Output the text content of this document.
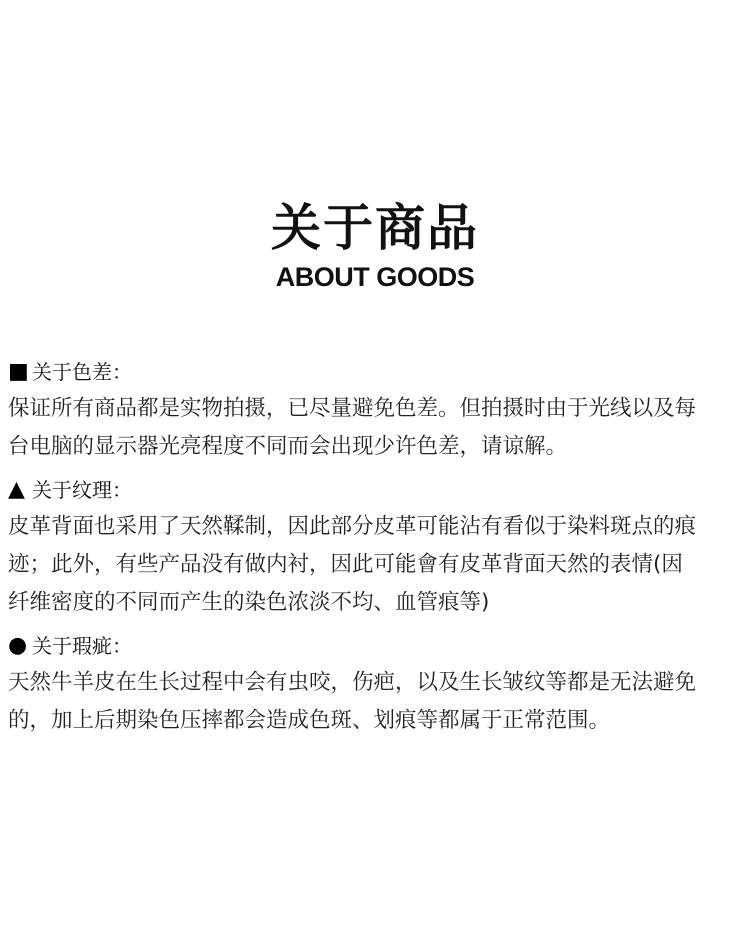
关于商品
ABOUT GOODS
■ 关于色差：
保证所有商品都是实物拍摄，已尽量避免色差。但拍摄时由于光线以及每
台电脑的显示器光亮程度不同而会出现少许色差，请谅解。
▲ 关于纹理：
皮革背面也采用了天然鞣制，因此部分皮革可能沾有看似于染料斑点的痕
迹；此外，有些产品没有做内衬，因此可能會有皮革背面天然的表情(因
纤维密度的不同而产生的染色浓淡不均、血管痕等)
● 关于瑕疵：
天然牛羊皮在生长过程中会有虫咬，伤疤，以及生长皱纹等都是无法避免
的，加上后期染色压摔都会造成色斑、划痕等都属于正常范围。
